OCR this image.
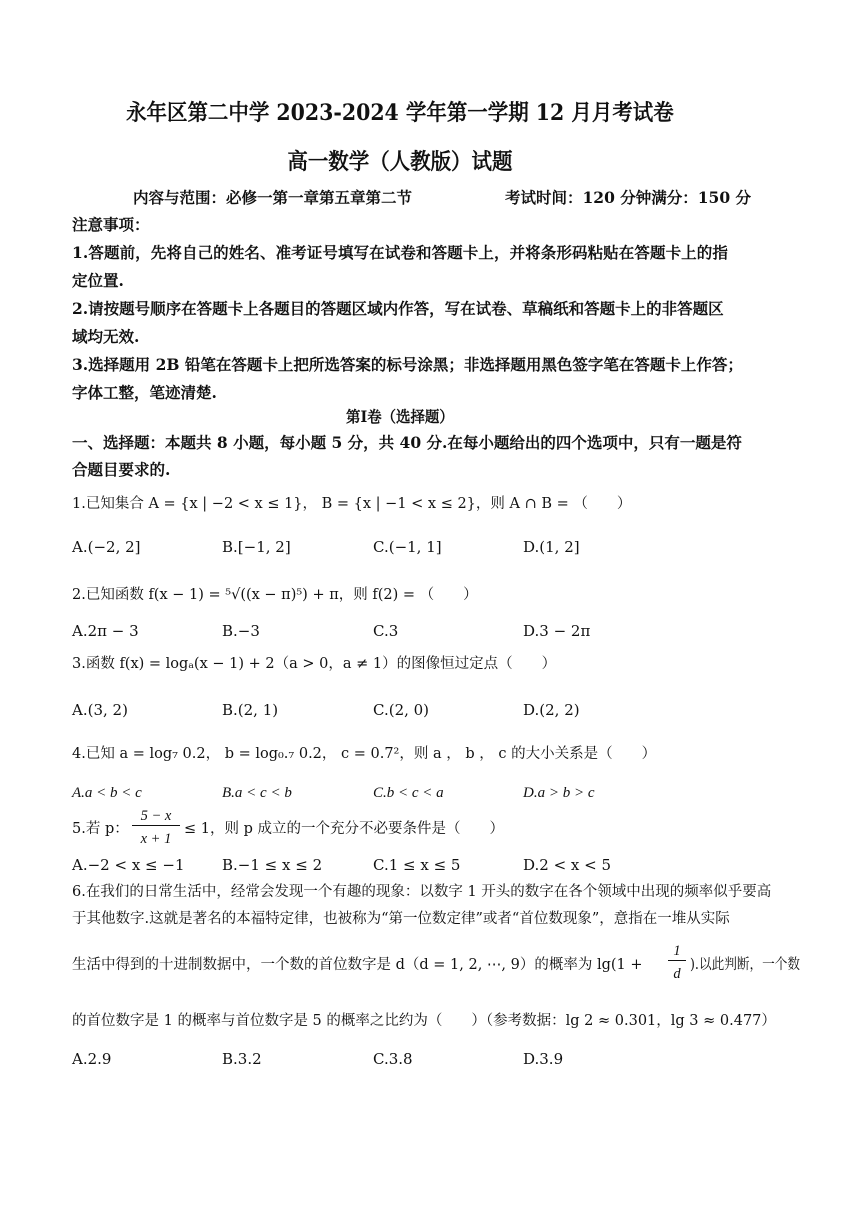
永年区第二中学 2023-2024 学年第一学期 12 月月考试卷
高一数学（人教版）试题
内容与范围：必修一第一章第五章第二节	考试时间：120 分钟满分：150 分
注意事项：
1.答题前，先将自己的姓名、准考证号填写在试卷和答题卡上，并将条形码粘贴在答题卡上的指
定位置.
2.请按题号顺序在答题卡上各题目的答题区域内作答，写在试卷、草稿纸和答题卡上的非答题区
域均无效.
3.选择题用 2B 铅笔在答题卡上把所选答案的标号涂黑；非选择题用黑色签字笔在答题卡上作答；
字体工整，笔迹清楚.
第Ⅰ卷（选择题）
一、选择题：本题共 8 小题，每小题 5 分，共 40 分.在每小题给出的四个选项中，只有一题是符
合题目要求的.
1.已知集合 A = {x | −2 < x ≤ 1}， B = {x | −1 < x ≤ 2}，则 A ∩ B = （　　）
A.(−2, 2]	B.[−1, 2]	C.(−1, 1]	D.(1, 2]
2.已知函数 f(x − 1) = ⁵√((x − π)⁵) + π，则 f(2) = （　　）
A.2π − 3	B.−3	C.3	D.3 − 2π
3.函数 f(x) = logₐ(x − 1) + 2（a > 0，a ≠ 1）的图像恒过定点（　　）
A.(3, 2)	B.(2, 1)	C.(2, 0)	D.(2, 2)
4.已知 a = log₇ 0.2， b = log₀.₇ 0.2， c = 0.7²，则 a ， b ， c 的大小关系是（　　）
A.a < b < c	B.a < c < b	C.b < c < a	D.a > b > c
5.若 p：
5 − x
x + 1
≤ 1，则 p 成立的一个充分不必要条件是（　　）
A.−2 < x ≤ −1	B.−1 ≤ x ≤ 2	C.1 ≤ x ≤ 5	D.2 < x < 5
6.在我们的日常生活中，经常会发现一个有趣的现象：以数字 1 开头的数字在各个领域中出现的频率似乎要高
于其他数字.这就是著名的本福特定律，也被称为“第一位数定律”或者“首位数现象”，意指在一堆从实际
生活中得到的十进制数据中，一个数的首位数字是 d（d = 1, 2, ⋯, 9）的概率为 lg(1 +
1
d
).以此判断，一个数
的首位数字是 1 的概率与首位数字是 5 的概率之比约为（　　）（参考数据：lg 2 ≈ 0.301，lg 3 ≈ 0.477）
A.2.9	B.3.2	C.3.8	D.3.9
